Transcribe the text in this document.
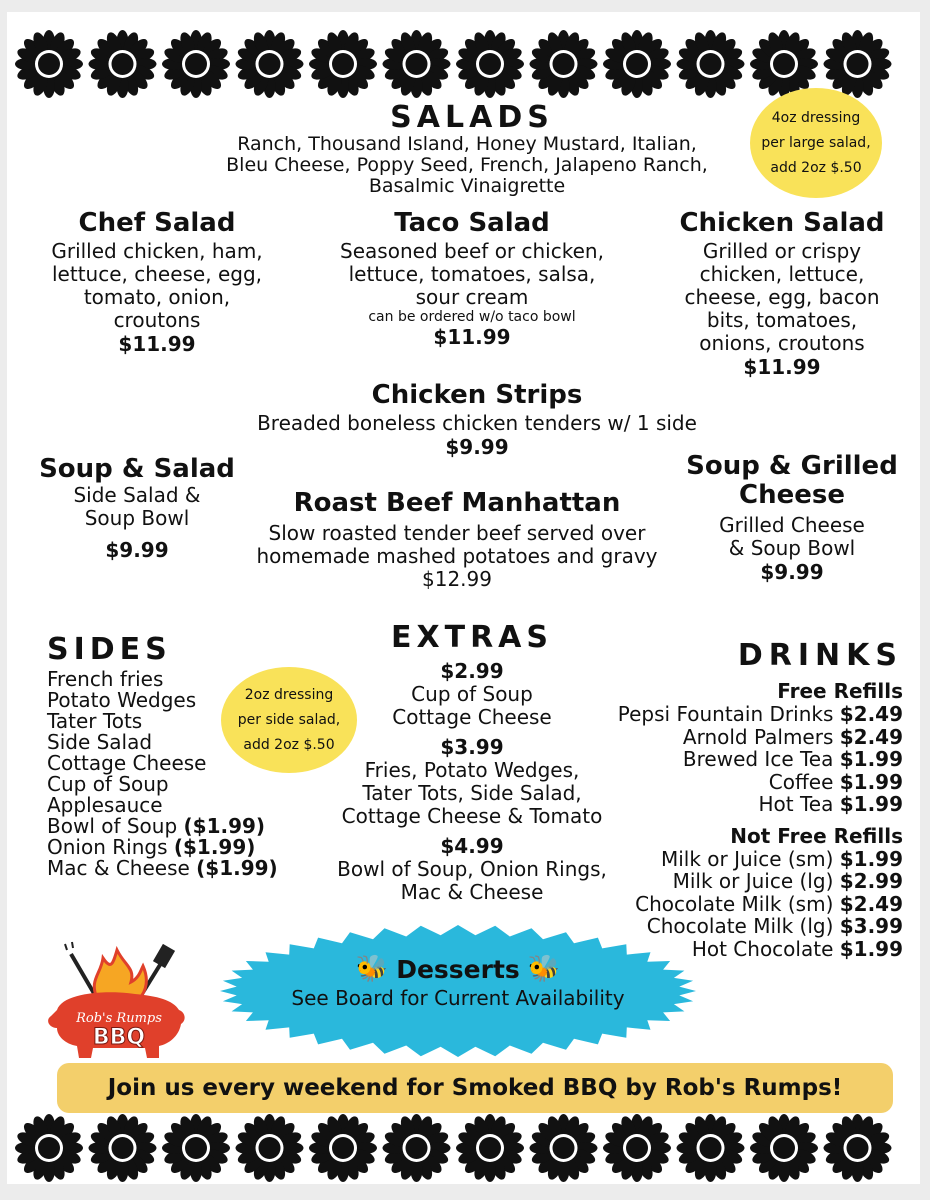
SALADS
Ranch, Thousand Island, Honey Mustard, Italian,
Bleu Cheese, Poppy Seed, French, Jalapeno Ranch,
Basalmic Vinaigrette
4oz dressing
per large salad,
add 2oz $.50
Chef Salad
Grilled chicken, ham,
lettuce, cheese, egg,
tomato, onion,
croutons
$11.99
Taco Salad
Seasoned beef or chicken,
lettuce, tomatoes, salsa,
sour cream
can be ordered w/o taco bowl
$11.99
Chicken Salad
Grilled or crispy
chicken, lettuce,
cheese, egg, bacon
bits, tomatoes,
onions, croutons
$11.99
Chicken Strips
Breaded boneless chicken tenders w/ 1 side
$9.99
Soup & Salad
Side Salad &
Soup Bowl
$9.99
Roast Beef Manhattan
Slow roasted tender beef served over
homemade mashed potatoes and gravy
$12.99
Soup & Grilled
Cheese
Grilled Cheese
& Soup Bowl
$9.99
SIDES
French fries
Potato Wedges
Tater Tots
Side Salad
Cottage Cheese
Cup of Soup
Applesauce
Bowl of Soup ($1.99)
Onion Rings ($1.99)
Mac & Cheese ($1.99)
2oz dressing
per side salad,
add 2oz $.50
EXTRAS
$2.99
Cup of Soup
Cottage Cheese
$3.99
Fries, Potato Wedges,
Tater Tots, Side Salad,
Cottage Cheese & Tomato
$4.99
Bowl of Soup, Onion Rings,
Mac & Cheese
DRINKS
Free Refills
Pepsi Fountain Drinks $2.49
Arnold Palmers $2.49
Brewed Ice Tea $1.99
Coffee $1.99
Hot Tea $1.99
Not Free Refills
Milk or Juice (sm) $1.99
Milk or Juice (lg) $2.99
Chocolate Milk (sm) $2.49
Chocolate Milk (lg) $3.99
Hot Chocolate $1.99
Rob's Rumps
BBQ
🐝 Desserts 🐝
See Board for Current Availability
Join us every weekend for Smoked BBQ by Rob's Rumps!
